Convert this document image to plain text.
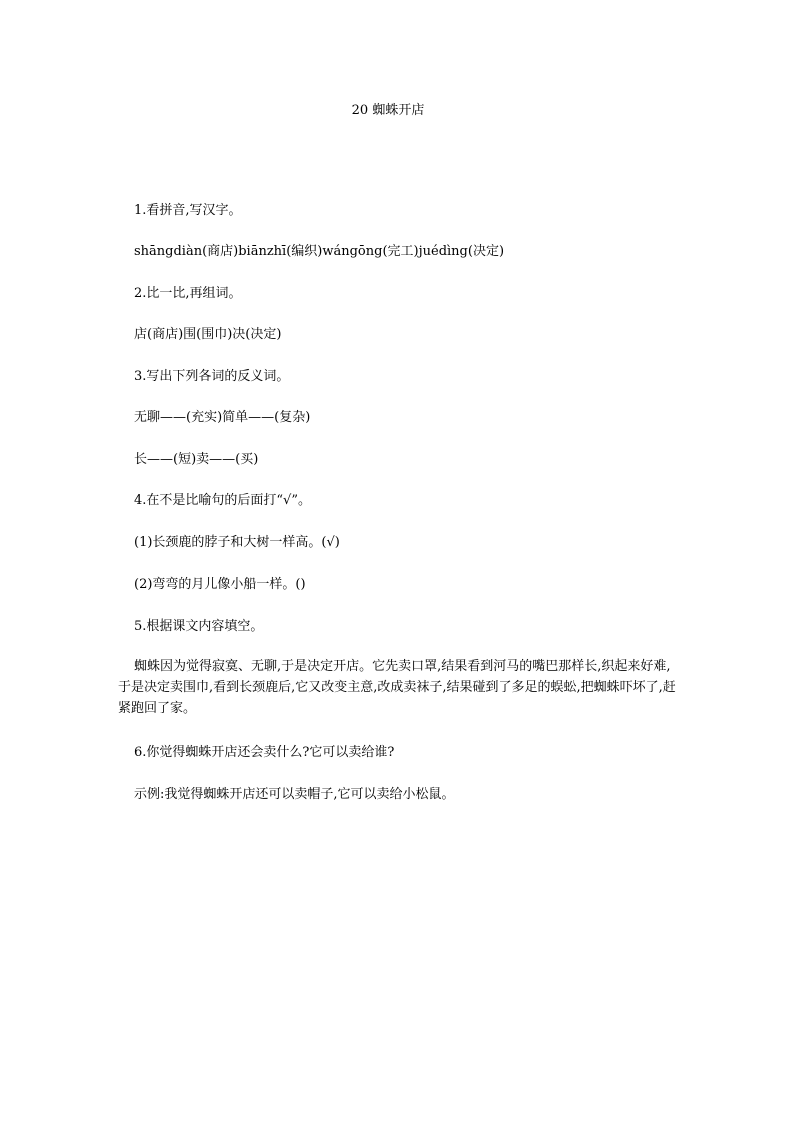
20 蜘蛛开店
1.看拼音,写汉字。
shāngdiàn(商店)biānzhī(编织)wángōng(完工)juédìng(决定)
2.比一比,再组词。
店(商店)围(围巾)决(决定)
3.写出下列各词的反义词。
无聊——(充实)简单——(复杂)
长——(短)卖——(买)
4.在不是比喻句的后面打“√”。
(1)长颈鹿的脖子和大树一样高。(√)
(2)弯弯的月儿像小船一样。()
5.根据课文内容填空。

蜘蛛因为觉得寂寞、无聊,于是决定开店。它先卖口罩,结果看到河马的嘴巴那样长,织起来好难,于是决定卖围巾,看到长颈鹿后,它又改变主意,改成卖袜子,结果碰到了多足的蜈蚣,把蜘蛛吓坏了,赶紧跑回了家。

6.你觉得蜘蛛开店还会卖什么?它可以卖给谁?
示例:我觉得蜘蛛开店还可以卖帽子,它可以卖给小松鼠。
